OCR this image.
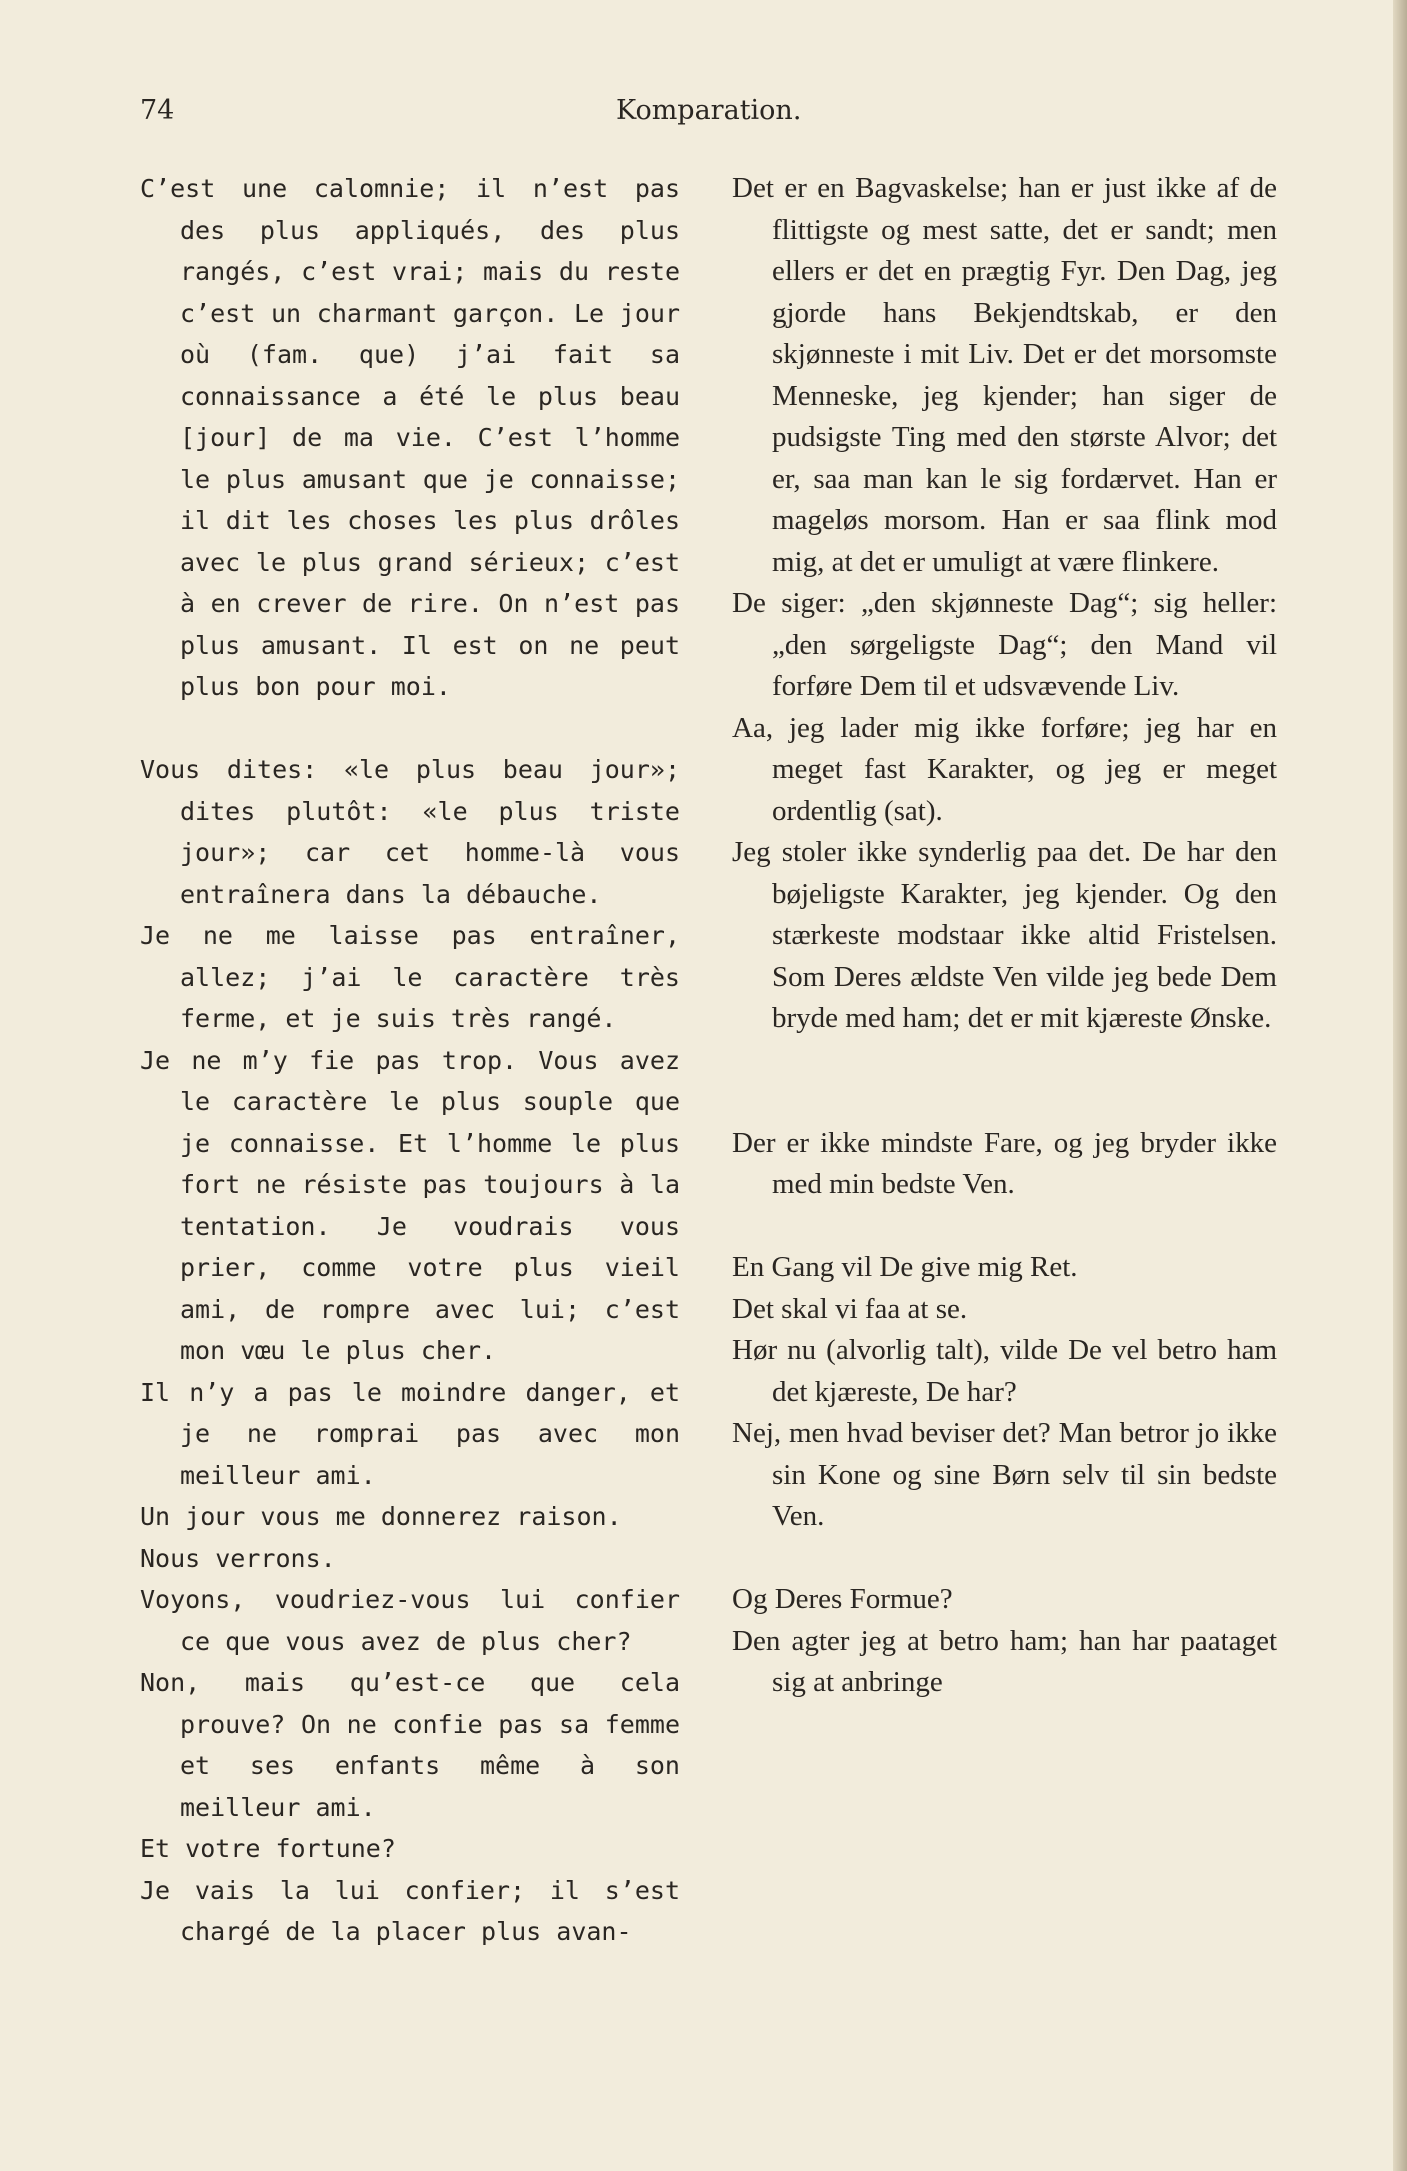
74	Komparation.

C’est une calomnie; il n’est pas des plus appliqués, des plus rangés, c’est vrai; mais du reste c’est un charmant garçon. Le jour où (fam. que) j’ai fait sa connaissance a été le plus beau [jour] de ma vie. C’est l’homme le plus amusant que je connaisse; il dit les choses les plus drôles avec le plus grand sérieux; c’est à en crever de rire. On n’est pas plus amusant. Il est on ne peut plus bon pour moi.

Vous dites: «le plus beau jour»; dites plutôt: «le plus triste jour»; car cet homme-là vous entraînera dans la débauche.

Je ne me laisse pas entraîner, allez; j’ai le caractère très ferme, et je suis très rangé.

Je ne m’y fie pas trop. Vous avez le caractère le plus souple que je connaisse. Et l’homme le plus fort ne résiste pas toujours à la tentation. Je voudrais vous prier, comme votre plus vieil ami, de rompre avec lui; c’est mon vœu le plus cher.

Il n’y a pas le moindre danger, et je ne romprai pas avec mon meilleur ami.

Un jour vous me donnerez raison.

Nous verrons.

Voyons, voudriez-vous lui confier ce que vous avez de plus cher?

Non, mais qu’est-ce que cela prouve? On ne confie pas sa femme et ses enfants même à son meilleur ami.

Et votre fortune?

Je vais la lui confier; il s’est chargé de la placer plus avan-

Det er en Bagvaskelse; han er just ikke af de flittigste og mest satte, det er sandt; men ellers er det en prægtig Fyr. Den Dag, jeg gjorde hans Bekjendtskab, er den skjønneste i mit Liv. Det er det morsomste Menneske, jeg kjender; han siger de pudsigste Ting med den største Alvor; det er, saa man kan le sig fordærvet. Han er mageløs morsom. Han er saa flink mod mig, at det er umuligt at være flinkere.

De siger: „den skjønneste Dag“; sig heller: „den sørgeligste Dag“; den Mand vil forføre Dem til et udsvævende Liv.

Aa, jeg lader mig ikke forføre; jeg har en meget fast Karakter, og jeg er meget ordentlig (sat).

Jeg stoler ikke synderlig paa det. De har den bøjeligste Karakter, jeg kjender. Og den stærkeste modstaar ikke altid Fristelsen. Som Deres ældste Ven vilde jeg bede Dem bryde med ham; det er mit kjæreste Ønske.

Der er ikke mindste Fare, og jeg bryder ikke med min bedste Ven.

En Gang vil De give mig Ret.

Det skal vi faa at se.

Hør nu (alvorlig talt), vilde De vel betro ham det kjæreste, De har?

Nej, men hvad beviser det? Man betror jo ikke sin Kone og sine Børn selv til sin bedste Ven.

Og Deres Formue?

Den agter jeg at betro ham; han har paataget sig at anbringe
